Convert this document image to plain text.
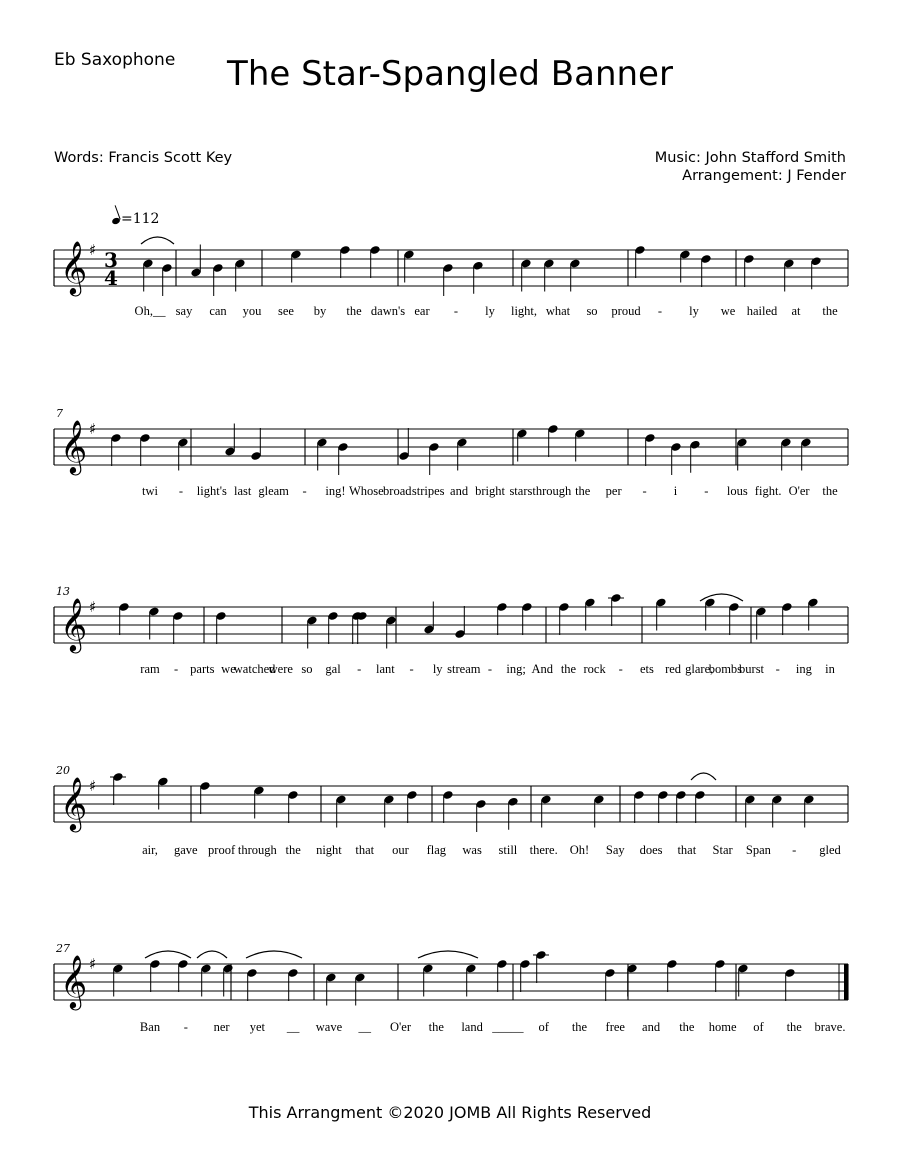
Eb Saxophone	The Star-Spangled Banner
Words: Francis Scott Key	Music: John Stafford Smith
Arrangement: J Fender
=112
𝄞 ♯ 3
4
Oh,__ say can you see by the dawn's ear - ly light, what so proud - ly we hailed at the
𝄞 ♯
7
twi - light's last gleam - ing! Whose broad stripes and bright stars through the per - i - lous fight. O'er the
𝄞 ♯
13
ram - parts we
watched
were so gal - lant - ly stream - ing; And the rock - ets red glare,
bombs
burst - ing in
𝄞 ♯
20
air, gave proof through the night that our flag was still there. Oh! Say does that Star Span - gled
𝄞 ♯
27
Ban - ner yet __ wave __ O'er the land _____ of the free and the home of the brave.
This Arrangment ©2020 JOMB All Rights Reserved
